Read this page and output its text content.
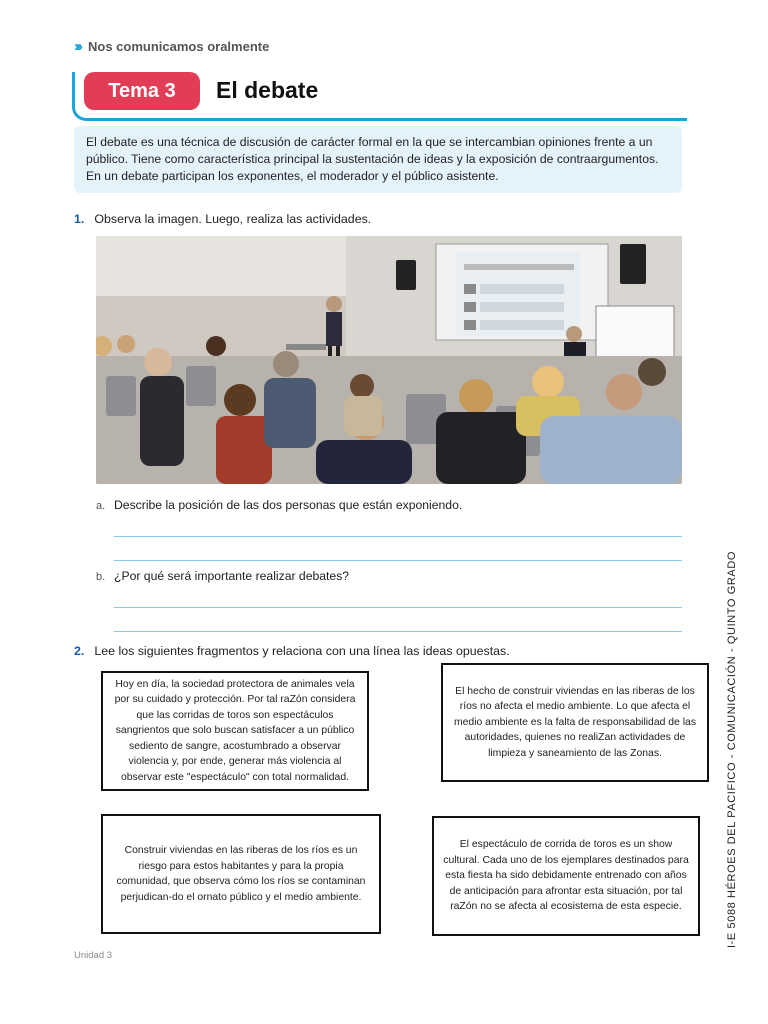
››› Nos comunicamos oralmente
Tema 3	El debate
El debate es una técnica de discusión de carácter formal en la que se intercambian opiniones frente a un público. Tiene como característica principal la sustentación de ideas y la exposición de contraargumentos. En un debate participan los exponentes, el moderador y el público asistente.
1. Observa la imagen. Luego, realiza las actividades.
a. Describe la posición de las dos personas que están exponiendo.
b. ¿Por qué será importante realizar debates?
2. Lee los siguientes fragmentos y relaciona con una línea las ideas opuestas.
Hoy en día, la sociedad protectora de animales vela por su cuidado y protección. Por tal raZón considera que las corridas de toros son espectáculos sangrientos que solo buscan satisfacer a un público sediento de sangre, acostumbrado a observar violencia y, por ende, generar más violencia al observar este "espectáculo" con total normalidad.
El hecho de construir viviendas en las riberas de los ríos no afecta el medio ambiente. Lo que afecta el medio ambiente es la falta de responsabilidad de las autoridades, quienes no realiZan actividades de limpieza y saneamiento de las Zonas.
Construir viviendas en las riberas de los ríos es un riesgo para estos habitantes y para la propia comunidad, que observa cómo los ríos se contaminan perjudican-do el ornato público y el medio ambiente.
El espectáculo de corrida de toros es un show cultural. Cada uno de los ejemplares destinados para esta fiesta ha sido debidamente entrenado con años de anticipación para afrontar esta situación, por tal raZón no se afecta al ecosistema de esta especie.	I-E 5088 HÉROES DEL PACIFICO - COMUNICACIÓN - QUINTO GRADO
Unidad 3
